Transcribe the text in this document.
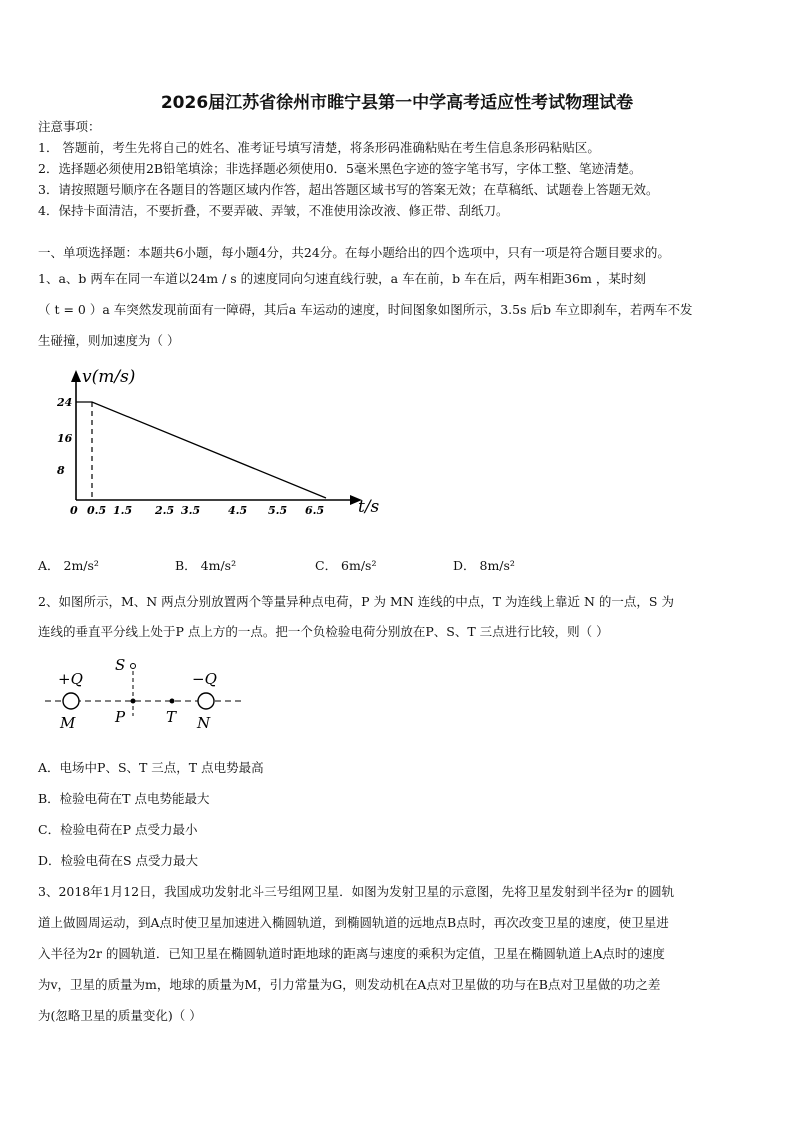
2026届江苏省徐州市睢宁县第一中学高考适应性考试物理试卷
注意事项：
1． 答题前，考生先将自己的姓名、准考证号填写清楚，将条形码准确粘贴在考生信息条形码粘贴区。
2．选择题必须使用2B铅笔填涂；非选择题必须使用0．5毫米黑色字迹的签字笔书写，字体工整、笔迹清楚。
3．请按照题号顺序在各题目的答题区域内作答，超出答题区域书写的答案无效；在草稿纸、试题卷上答题无效。
4．保持卡面清洁，不要折叠，不要弄破、弄皱，不准使用涂改液、修正带、刮纸刀。
一、单项选择题：本题共6小题，每小题4分，共24分。在每小题给出的四个选项中，只有一项是符合题目要求的。
1、a、b 两车在同一车道以24m / s 的速度同向匀速直线行驶，a 车在前，b 车在后，两车相距36m ，某时刻
（ t = 0 ）a 车突然发现前面有一障碍，其后a 车运动的速度，时间图象如图所示，3.5s 后b 车立即刹车，若两车不发
生碰撞，则加速度为（ ）
v(m/s)
t/s
24
16
8
0 0.5 1.5 2.5 3.5	4.5 5.5 6.5
A． 2m/s²	B． 4m/s²	C． 6m/s²	D． 8m/s²
2、如图所示，M、N 两点分别放置两个等量异种点电荷，P 为 MN 连线的中点，T 为连线上靠近 N 的一点，S 为
连线的垂直平分线上处于P 点上方的一点。把一个负检验电荷分别放在P、S、T 三点进行比较，则（ ）
+Q	−Q
S
M	P	T N
A．电场中P、S、T 三点，T 点电势最高
B．检验电荷在T 点电势能最大
C．检验电荷在P 点受力最小
D．检验电荷在S 点受力最大
3、2018年1月12日，我国成功发射北斗三号组网卫星．如图为发射卫星的示意图，先将卫星发射到半径为r 的圆轨
道上做圆周运动，到A点时使卫星加速进入椭圆轨道，到椭圆轨道的远地点B点时，再次改变卫星的速度，使卫星进
入半径为2r 的圆轨道．已知卫星在椭圆轨道时距地球的距离与速度的乘积为定值，卫星在椭圆轨道上A点时的速度
为v，卫星的质量为m，地球的质量为M，引力常量为G，则发动机在A点对卫星做的功与在B点对卫星做的功之差
为(忽略卫星的质量变化)（ ）
